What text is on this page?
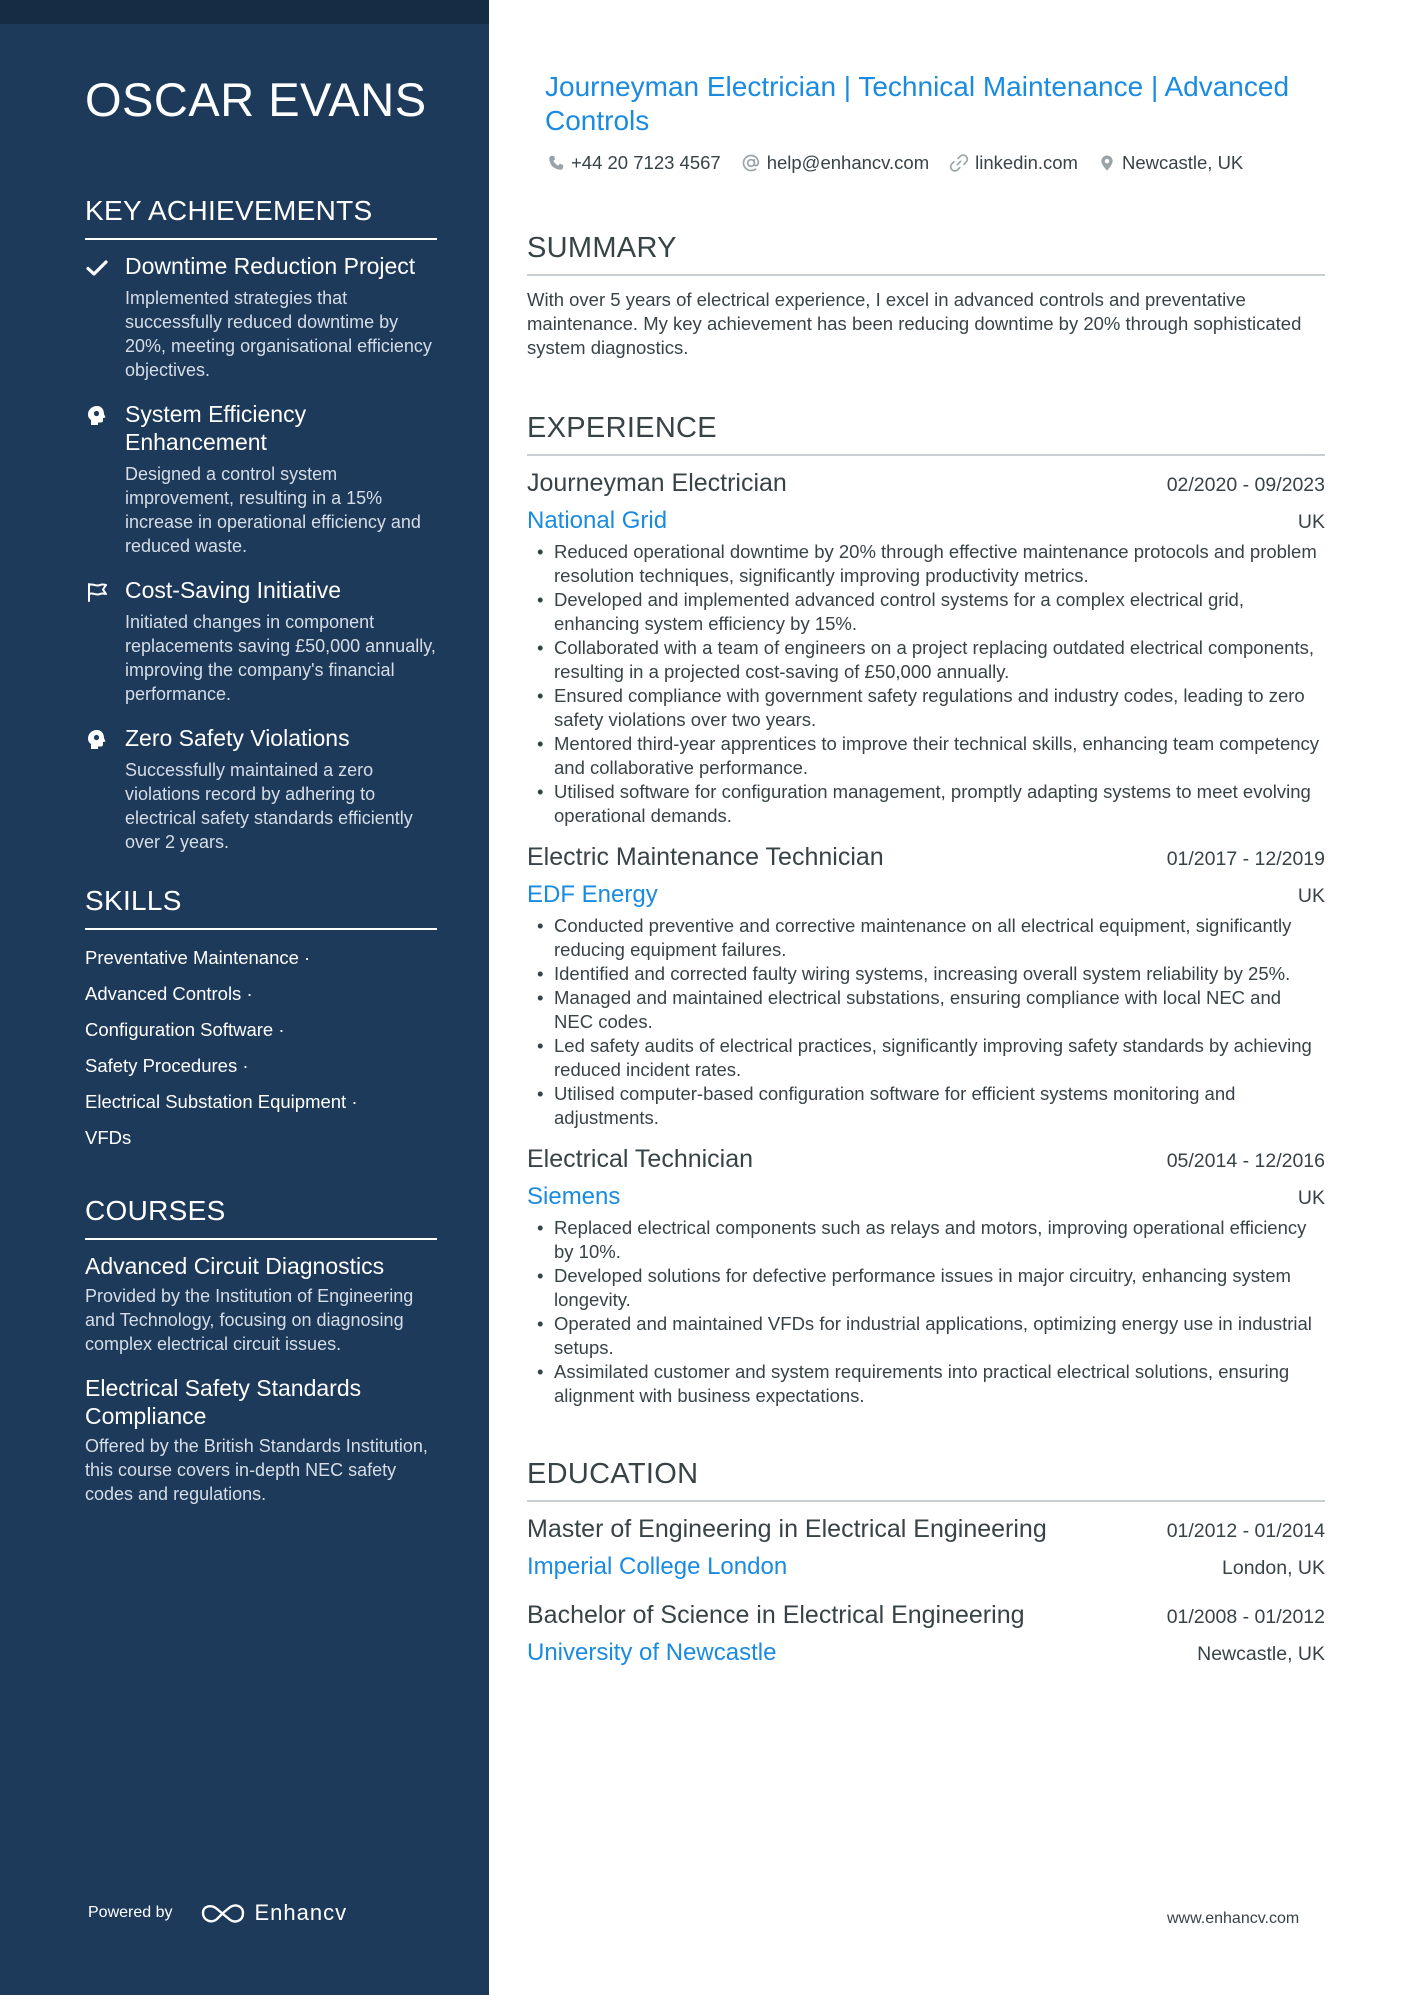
OSCAR EVANS
KEY ACHIEVEMENTS
Downtime Reduction Project
Implemented strategies that successfully reduced downtime by 20%, meeting organisational efficiency objectives.
System Efficiency Enhancement
Designed a control system improvement, resulting in a 15% increase in operational efficiency and reduced waste.
Cost-Saving Initiative
Initiated changes in component replacements saving £50,000 annually, improving the company's financial performance.
Zero Safety Violations
Successfully maintained a zero violations record by adhering to electrical safety standards efficiently over 2 years.
SKILLS
Preventative Maintenance ·
Advanced Controls ·
Configuration Software ·
Safety Procedures ·
Electrical Substation Equipment ·
VFDs
COURSES
Advanced Circuit Diagnostics
Provided by the Institution of Engineering and Technology, focusing on diagnosing complex electrical circuit issues.
Electrical Safety Standards Compliance
Offered by the British Standards Institution, this course covers in-depth NEC safety codes and regulations.
Powered by	Enhancv
Journeyman Electrician | Technical Maintenance | Advanced Controls
+44 20 7123 4567 help@enhancv.com linkedin.com Newcastle, UK
SUMMARY
With over 5 years of electrical experience, I excel in advanced controls and preventative maintenance. My key achievement has been reducing downtime by 20% through sophisticated system diagnostics.
EXPERIENCE
Journeyman Electrician	02/2020 - 09/2023
National Grid	UK
• Reduced operational downtime by 20% through effective maintenance protocols and problem resolution techniques, significantly improving productivity metrics.
• Developed and implemented advanced control systems for a complex electrical grid, enhancing system efficiency by 15%.
• Collaborated with a team of engineers on a project replacing outdated electrical components, resulting in a projected cost-saving of £50,000 annually.
• Ensured compliance with government safety regulations and industry codes, leading to zero safety violations over two years.
• Mentored third-year apprentices to improve their technical skills, enhancing team competency and collaborative performance.
• Utilised software for configuration management, promptly adapting systems to meet evolving operational demands.
Electric Maintenance Technician	01/2017 - 12/2019
EDF Energy	UK
• Conducted preventive and corrective maintenance on all electrical equipment, significantly reducing equipment failures.
• Identified and corrected faulty wiring systems, increasing overall system reliability by 25%.
• Managed and maintained electrical substations, ensuring compliance with local NEC and NEC codes.
• Led safety audits of electrical practices, significantly improving safety standards by achieving reduced incident rates.
• Utilised computer-based configuration software for efficient systems monitoring and adjustments.
Electrical Technician	05/2014 - 12/2016
Siemens	UK
• Replaced electrical components such as relays and motors, improving operational efficiency by 10%.
• Developed solutions for defective performance issues in major circuitry, enhancing system longevity.
• Operated and maintained VFDs for industrial applications, optimizing energy use in industrial setups.
• Assimilated customer and system requirements into practical electrical solutions, ensuring alignment with business expectations.
EDUCATION
Master of Engineering in Electrical Engineering	01/2012 - 01/2014
Imperial College London	London, UK
Bachelor of Science in Electrical Engineering	01/2008 - 01/2012
University of Newcastle	Newcastle, UK
www.enhancv.com
